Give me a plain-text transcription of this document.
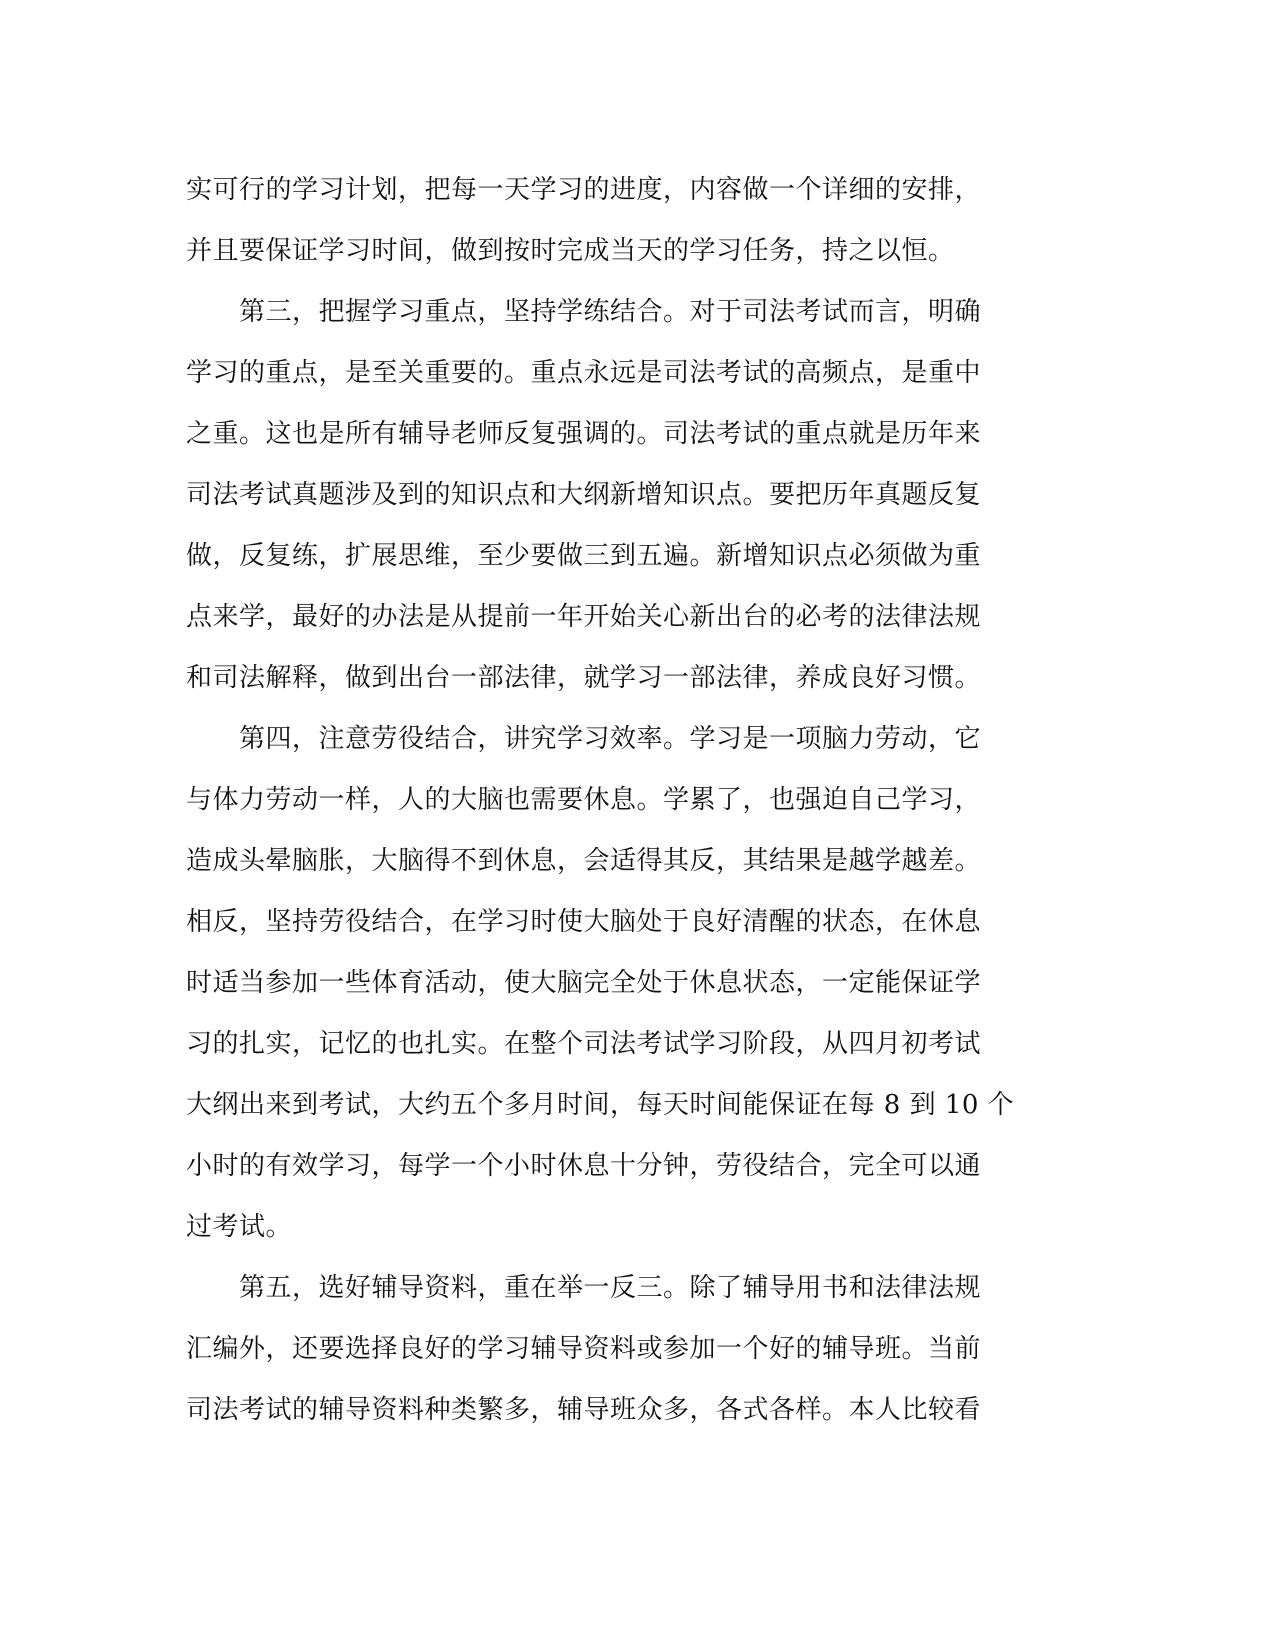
实可行的学习计划，把每一天学习的进度，内容做一个详细的安排，
并且要保证学习时间，做到按时完成当天的学习任务，持之以恒。
　　第三，把握学习重点，坚持学练结合。对于司法考试而言，明确
学习的重点，是至关重要的。重点永远是司法考试的高频点，是重中
之重。这也是所有辅导老师反复强调的。司法考试的重点就是历年来
司法考试真题涉及到的知识点和大纲新增知识点。要把历年真题反复
做，反复练，扩展思维，至少要做三到五遍。新增知识点必须做为重
点来学，最好的办法是从提前一年开始关心新出台的必考的法律法规
和司法解释，做到出台一部法律，就学习一部法律，养成良好习惯。
　　第四，注意劳役结合，讲究学习效率。学习是一项脑力劳动，它
与体力劳动一样，人的大脑也需要休息。学累了，也强迫自己学习，
造成头晕脑胀，大脑得不到休息，会适得其反，其结果是越学越差。
相反，坚持劳役结合，在学习时使大脑处于良好清醒的状态，在休息
时适当参加一些体育活动，使大脑完全处于休息状态，一定能保证学
习的扎实，记忆的也扎实。在整个司法考试学习阶段，从四月初考试
大纲出来到考试，大约五个多月时间，每天时间能保证在每 8 到 10 个
小时的有效学习，每学一个小时休息十分钟，劳役结合，完全可以通
过考试。
　　第五，选好辅导资料，重在举一反三。除了辅导用书和法律法规
汇编外，还要选择良好的学习辅导资料或参加一个好的辅导班。当前
司法考试的辅导资料种类繁多，辅导班众多，各式各样。本人比较看
